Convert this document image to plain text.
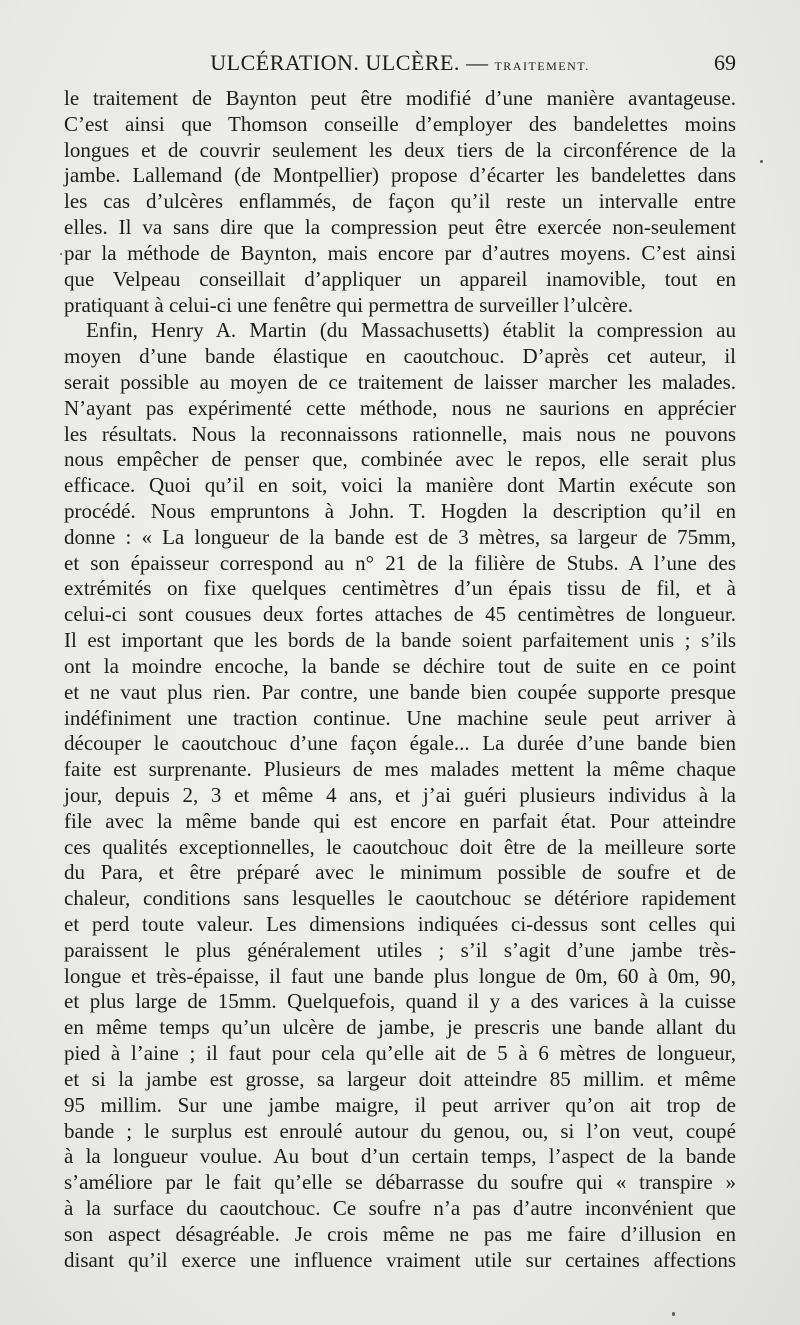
ULCÉRATION. ULCÈRE. — TRAITEMENT.	69
le traitement de Baynton peut être modifié d’une manière avantageuse.
C’est ainsi que Thomson conseille d’employer des bandelettes moins
longues et de couvrir seulement les deux tiers de la circonférence de la
jambe. Lallemand (de Montpellier) propose d’écarter les bandelettes dans
les cas d’ulcères enflammés, de façon qu’il reste un intervalle entre
elles. Il va sans dire que la compression peut être exercée non-seulement
par la méthode de Baynton, mais encore par d’autres moyens. C’est ainsi
que Velpeau conseillait d’appliquer un appareil inamovible, tout en
pratiquant à celui-ci une fenêtre qui permettra de surveiller l’ulcère.
Enfin, Henry A. Martin (du Massachusetts) établit la compression au
moyen d’une bande élastique en caoutchouc. D’après cet auteur, il
serait possible au moyen de ce traitement de laisser marcher les malades.
N’ayant pas expérimenté cette méthode, nous ne saurions en apprécier
les résultats. Nous la reconnaissons rationnelle, mais nous ne pouvons
nous empêcher de penser que, combinée avec le repos, elle serait plus
efficace. Quoi qu’il en soit, voici la manière dont Martin exécute son
procédé. Nous empruntons à John. T. Hogden la description qu’il en
donne : « La longueur de la bande est de 3 mètres, sa largeur de 75mm,
et son épaisseur correspond au n° 21 de la filière de Stubs. A l’une des
extrémités on fixe quelques centimètres d’un épais tissu de fil, et à
celui-ci sont cousues deux fortes attaches de 45 centimètres de longueur.
Il est important que les bords de la bande soient parfaitement unis ; s’ils
ont la moindre encoche, la bande se déchire tout de suite en ce point
et ne vaut plus rien. Par contre, une bande bien coupée supporte presque
indéfiniment une traction continue. Une machine seule peut arriver à
découper le caoutchouc d’une façon égale... La durée d’une bande bien
faite est surprenante. Plusieurs de mes malades mettent la même chaque
jour, depuis 2, 3 et même 4 ans, et j’ai guéri plusieurs individus à la
file avec la même bande qui est encore en parfait état. Pour atteindre
ces qualités exceptionnelles, le caoutchouc doit être de la meilleure sorte
du Para, et être préparé avec le minimum possible de soufre et de
chaleur, conditions sans lesquelles le caoutchouc se détériore rapidement
et perd toute valeur. Les dimensions indiquées ci-dessus sont celles qui
paraissent le plus généralement utiles ; s’il s’agit d’une jambe très-
longue et très-épaisse, il faut une bande plus longue de 0m, 60 à 0m, 90,
et plus large de 15mm. Quelquefois, quand il y a des varices à la cuisse
en même temps qu’un ulcère de jambe, je prescris une bande allant du
pied à l’aine ; il faut pour cela qu’elle ait de 5 à 6 mètres de longueur,
et si la jambe est grosse, sa largeur doit atteindre 85 millim. et même
95 millim. Sur une jambe maigre, il peut arriver qu’on ait trop de
bande ; le surplus est enroulé autour du genou, ou, si l’on veut, coupé
à la longueur voulue. Au bout d’un certain temps, l’aspect de la bande
s’améliore par le fait qu’elle se débarrasse du soufre qui « transpire »
à la surface du caoutchouc. Ce soufre n’a pas d’autre inconvénient que
son aspect désagréable. Je crois même ne pas me faire d’illusion en
disant qu’il exerce une influence vraiment utile sur certaines affections
